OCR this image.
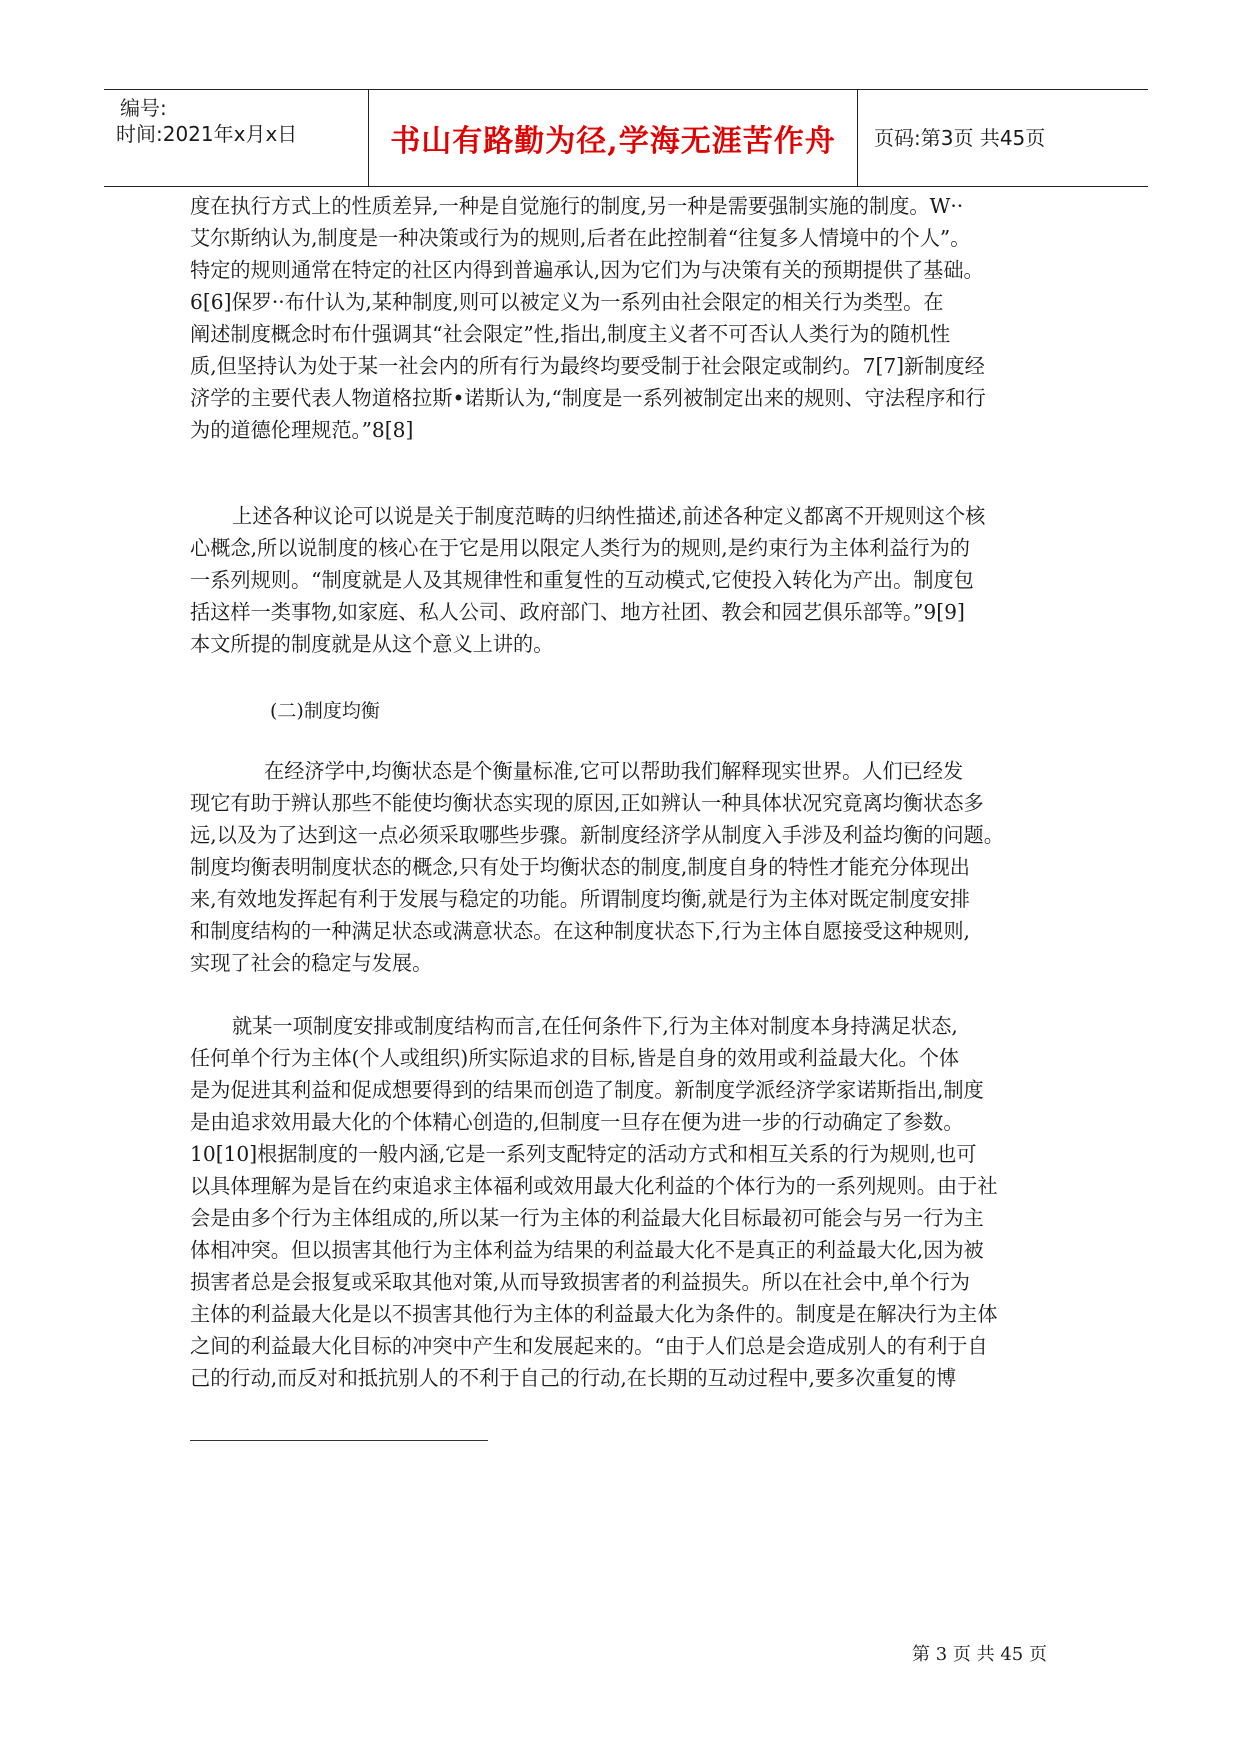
编号:
时间:2021年x月x日	书山有路勤为径,学海无涯苦作舟 页码:第3页 共45页

度在执行方式上的性质差异,一种是自觉施行的制度,另一种是需要强制实施的制度。W··
艾尔斯纳认为,制度是一种决策或行为的规则,后者在此控制着“往复多人情境中的个人”。
特定的规则通常在特定的社区内得到普遍承认,因为它们为与决策有关的预期提供了基础。
6[6]保罗··布什认为,某种制度,则可以被定义为一系列由社会限定的相关行为类型。在
阐述制度概念时布什强调其“社会限定”性,指出,制度主义者不可否认人类行为的随机性
质,但坚持认为处于某一社会内的所有行为最终均要受制于社会限定或制约。7[7]新制度经
济学的主要代表人物道格拉斯•诺斯认为,“制度是一系列被制定出来的规则、守法程序和行
为的道德伦理规范。”8[8]

上述各种议论可以说是关于制度范畴的归纳性描述,前述各种定义都离不开规则这个核
心概念,所以说制度的核心在于它是用以限定人类行为的规则,是约束行为主体利益行为的
一系列规则。“制度就是人及其规律性和重复性的互动模式,它使投入转化为产出。制度包
括这样一类事物,如家庭、私人公司、政府部门、地方社团、教会和园艺俱乐部等。”9[9]
本文所提的制度就是从这个意义上讲的。

(二)制度均衡

在经济学中,均衡状态是个衡量标准,它可以帮助我们解释现实世界。人们已经发
现它有助于辨认那些不能使均衡状态实现的原因,正如辨认一种具体状况究竟离均衡状态多
远,以及为了达到这一点必须采取哪些步骤。新制度经济学从制度入手涉及利益均衡的问题。
制度均衡表明制度状态的概念,只有处于均衡状态的制度,制度自身的特性才能充分体现出
来,有效地发挥起有利于发展与稳定的功能。所谓制度均衡,就是行为主体对既定制度安排
和制度结构的一种满足状态或满意状态。在这种制度状态下,行为主体自愿接受这种规则,
实现了社会的稳定与发展。

就某一项制度安排或制度结构而言,在任何条件下,行为主体对制度本身持满足状态,
任何单个行为主体(个人或组织)所实际追求的目标,皆是自身的效用或利益最大化。个体
是为促进其利益和促成想要得到的结果而创造了制度。新制度学派经济学家诺斯指出,制度
是由追求效用最大化的个体精心创造的,但制度一旦存在便为进一步的行动确定了参数。
10[10]根据制度的一般内涵,它是一系列支配特定的活动方式和相互关系的行为规则,也可
以具体理解为是旨在约束追求主体福利或效用最大化利益的个体行为的一系列规则。由于社
会是由多个行为主体组成的,所以某一行为主体的利益最大化目标最初可能会与另一行为主
体相冲突。但以损害其他行为主体利益为结果的利益最大化不是真正的利益最大化,因为被
损害者总是会报复或采取其他对策,从而导致损害者的利益损失。所以在社会中,单个行为
主体的利益最大化是以不损害其他行为主体的利益最大化为条件的。制度是在解决行为主体
之间的利益最大化目标的冲突中产生和发展起来的。“由于人们总是会造成别人的有利于自
己的行动,而反对和抵抗别人的不利于自己的行动,在长期的互动过程中,要多次重复的博

第 3 页 共 45 页
